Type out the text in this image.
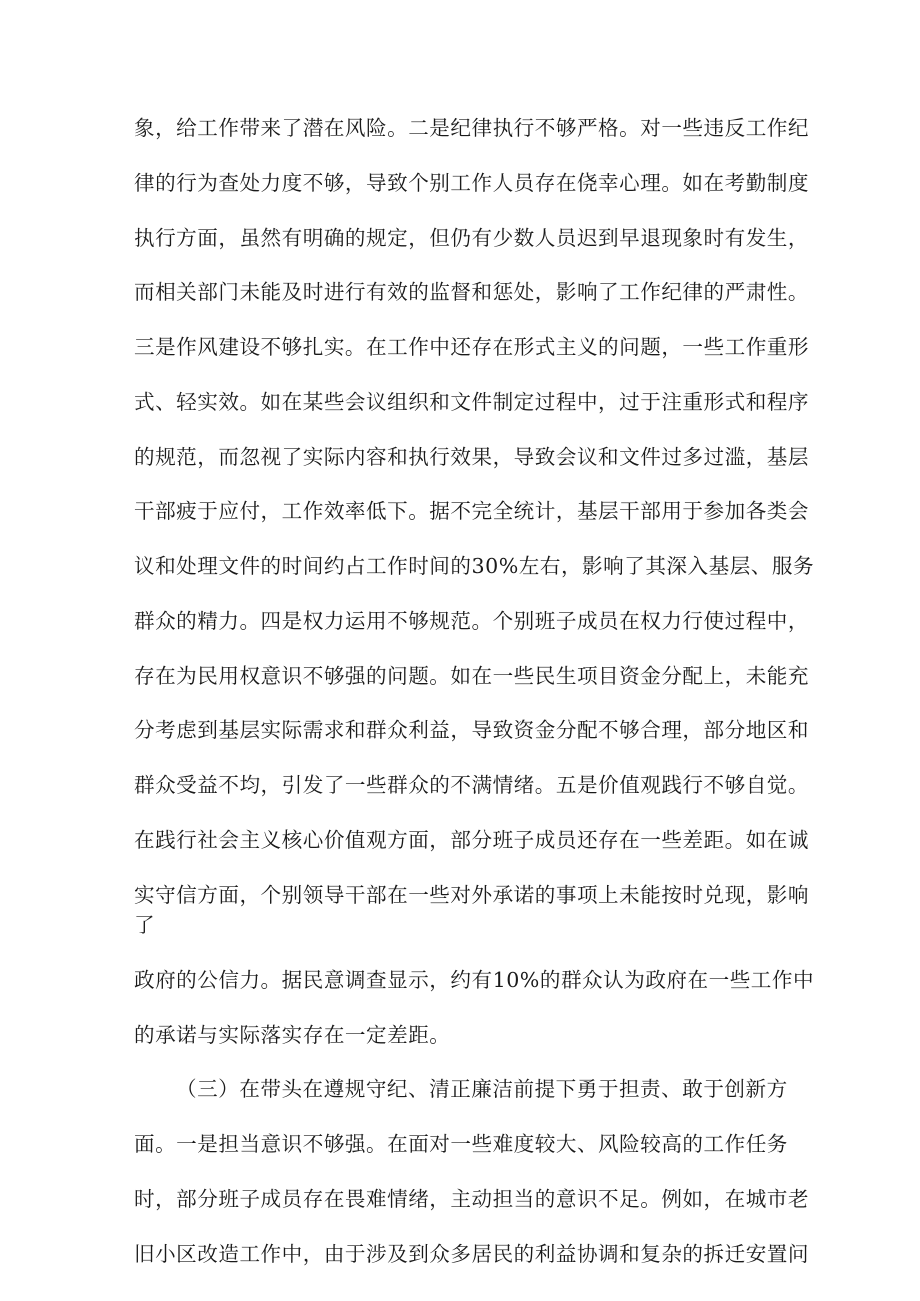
象，给工作带来了潜在风险。二是纪律执行不够严格。对一些违反工作纪
律的行为查处力度不够，导致个别工作人员存在侥幸心理。如在考勤制度
执行方面，虽然有明确的规定，但仍有少数人员迟到早退现象时有发生，
而相关部门未能及时进行有效的监督和惩处，影响了工作纪律的严肃性。
三是作风建设不够扎实。在工作中还存在形式主义的问题，一些工作重形
式、轻实效。如在某些会议组织和文件制定过程中，过于注重形式和程序
的规范，而忽视了实际内容和执行效果，导致会议和文件过多过滥，基层
干部疲于应付，工作效率低下。据不完全统计，基层干部用于参加各类会
议和处理文件的时间约占工作时间的30%左右，影响了其深入基层、服务
群众的精力。四是权力运用不够规范。个别班子成员在权力行使过程中，
存在为民用权意识不够强的问题。如在一些民生项目资金分配上，未能充
分考虑到基层实际需求和群众利益，导致资金分配不够合理，部分地区和
群众受益不均，引发了一些群众的不满情绪。五是价值观践行不够自觉。
在践行社会主义核心价值观方面，部分班子成员还存在一些差距。如在诚
实守信方面，个别领导干部在一些对外承诺的事项上未能按时兑现，影响
了
政府的公信力。据民意调查显示，约有10%的群众认为政府在一些工作中
的承诺与实际落实存在一定差距。
（三）在带头在遵规守纪、清正廉洁前提下勇于担责、敢于创新方
面。一是担当意识不够强。在面对一些难度较大、风险较高的工作任务
时，部分班子成员存在畏难情绪，主动担当的意识不足。例如，在城市老
旧小区改造工作中，由于涉及到众多居民的利益协调和复杂的拆迁安置问
